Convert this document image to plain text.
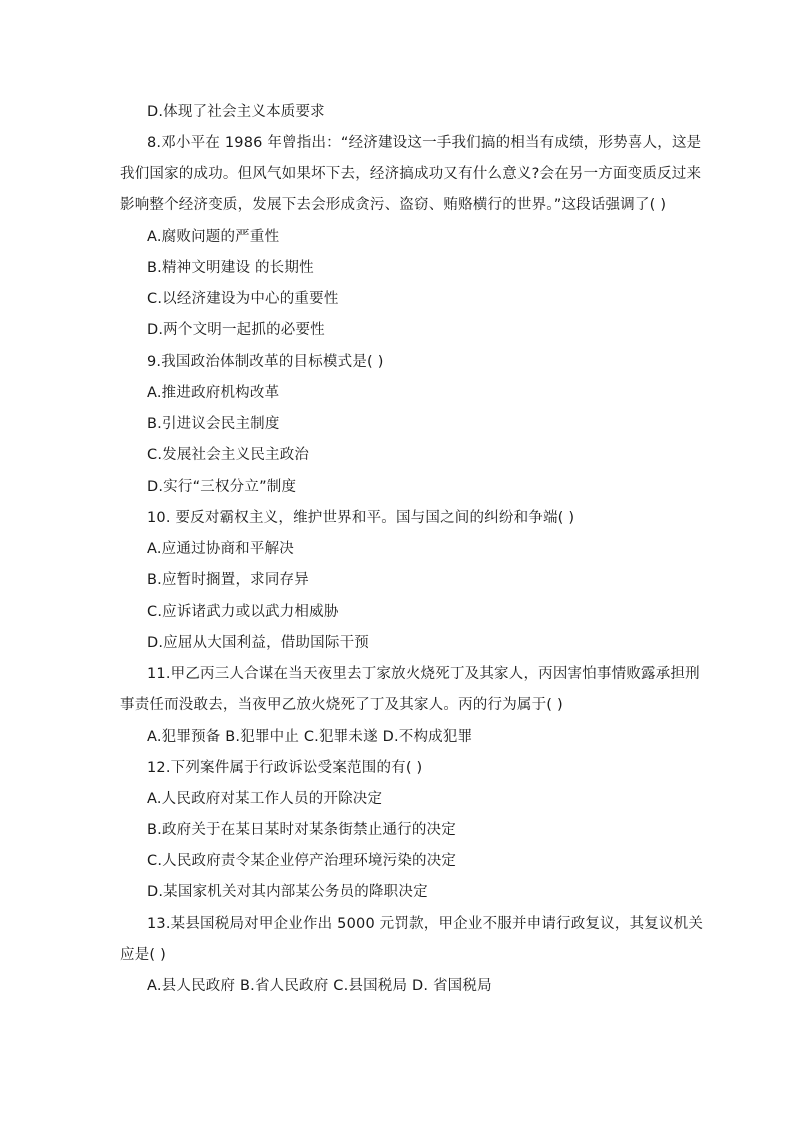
D.体现了社会主义本质要求
8.邓小平在 1986 年曾指出：“经济建设这一手我们搞的相当有成绩，形势喜人，这是
我们国家的成功。但风气如果坏下去，经济搞成功又有什么意义?会在另一方面变质反过来
影响整个经济变质，发展下去会形成贪污、盗窃、贿赂横行的世界。”这段话强调了( )
A.腐败问题的严重性
B.精神文明建设 的长期性
C.以经济建设为中心的重要性
D.两个文明一起抓的必要性
9.我国政治体制改革的目标模式是( )
A.推进政府机构改革
B.引进议会民主制度
C.发展社会主义民主政治
D.实行“三权分立”制度
10. 要反对霸权主义，维护世界和平。国与国之间的纠纷和争端( )
A.应通过协商和平解决
B.应暂时搁置，求同存异
C.应诉诸武力或以武力相威胁
D.应屈从大国利益，借助国际干预
11.甲乙丙三人合谋在当天夜里去丁家放火烧死丁及其家人，丙因害怕事情败露承担刑
事责任而没敢去，当夜甲乙放火烧死了丁及其家人。丙的行为属于( )
A.犯罪预备 B.犯罪中止 C.犯罪未遂 D.不构成犯罪
12.下列案件属于行政诉讼受案范围的有( )
A.人民政府对某工作人员的开除决定
B.政府关于在某日某时对某条街禁止通行的决定
C.人民政府责令某企业停产治理环境污染的决定
D.某国家机关对其内部某公务员的降职决定
13.某县国税局对甲企业作出 5000 元罚款，甲企业不服并申请行政复议，其复议机关
应是( )
A.县人民政府 B.省人民政府 C.县国税局 D. 省国税局
